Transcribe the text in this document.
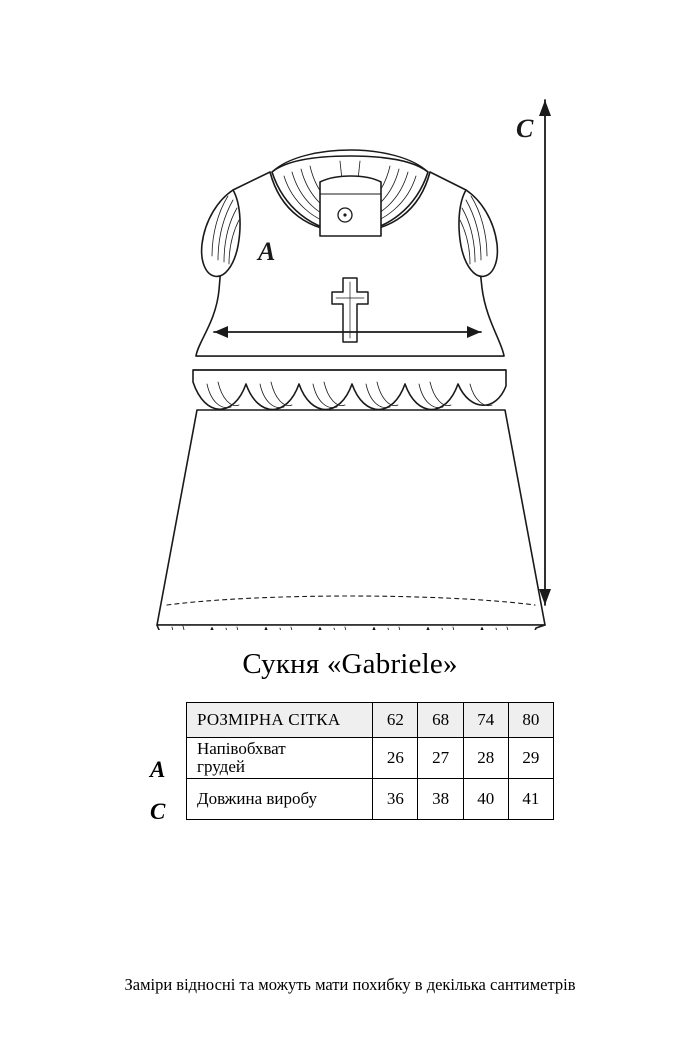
A
C
Сукня «Gabriele»
A
C
РОЗМІРНА СІТКА	62	68	74	80
Напівобхват
грудей	26	27	28	29
Довжина виробу	36	38	40	41
Заміри відносні та можуть мати похибку в декілька сантиметрів
